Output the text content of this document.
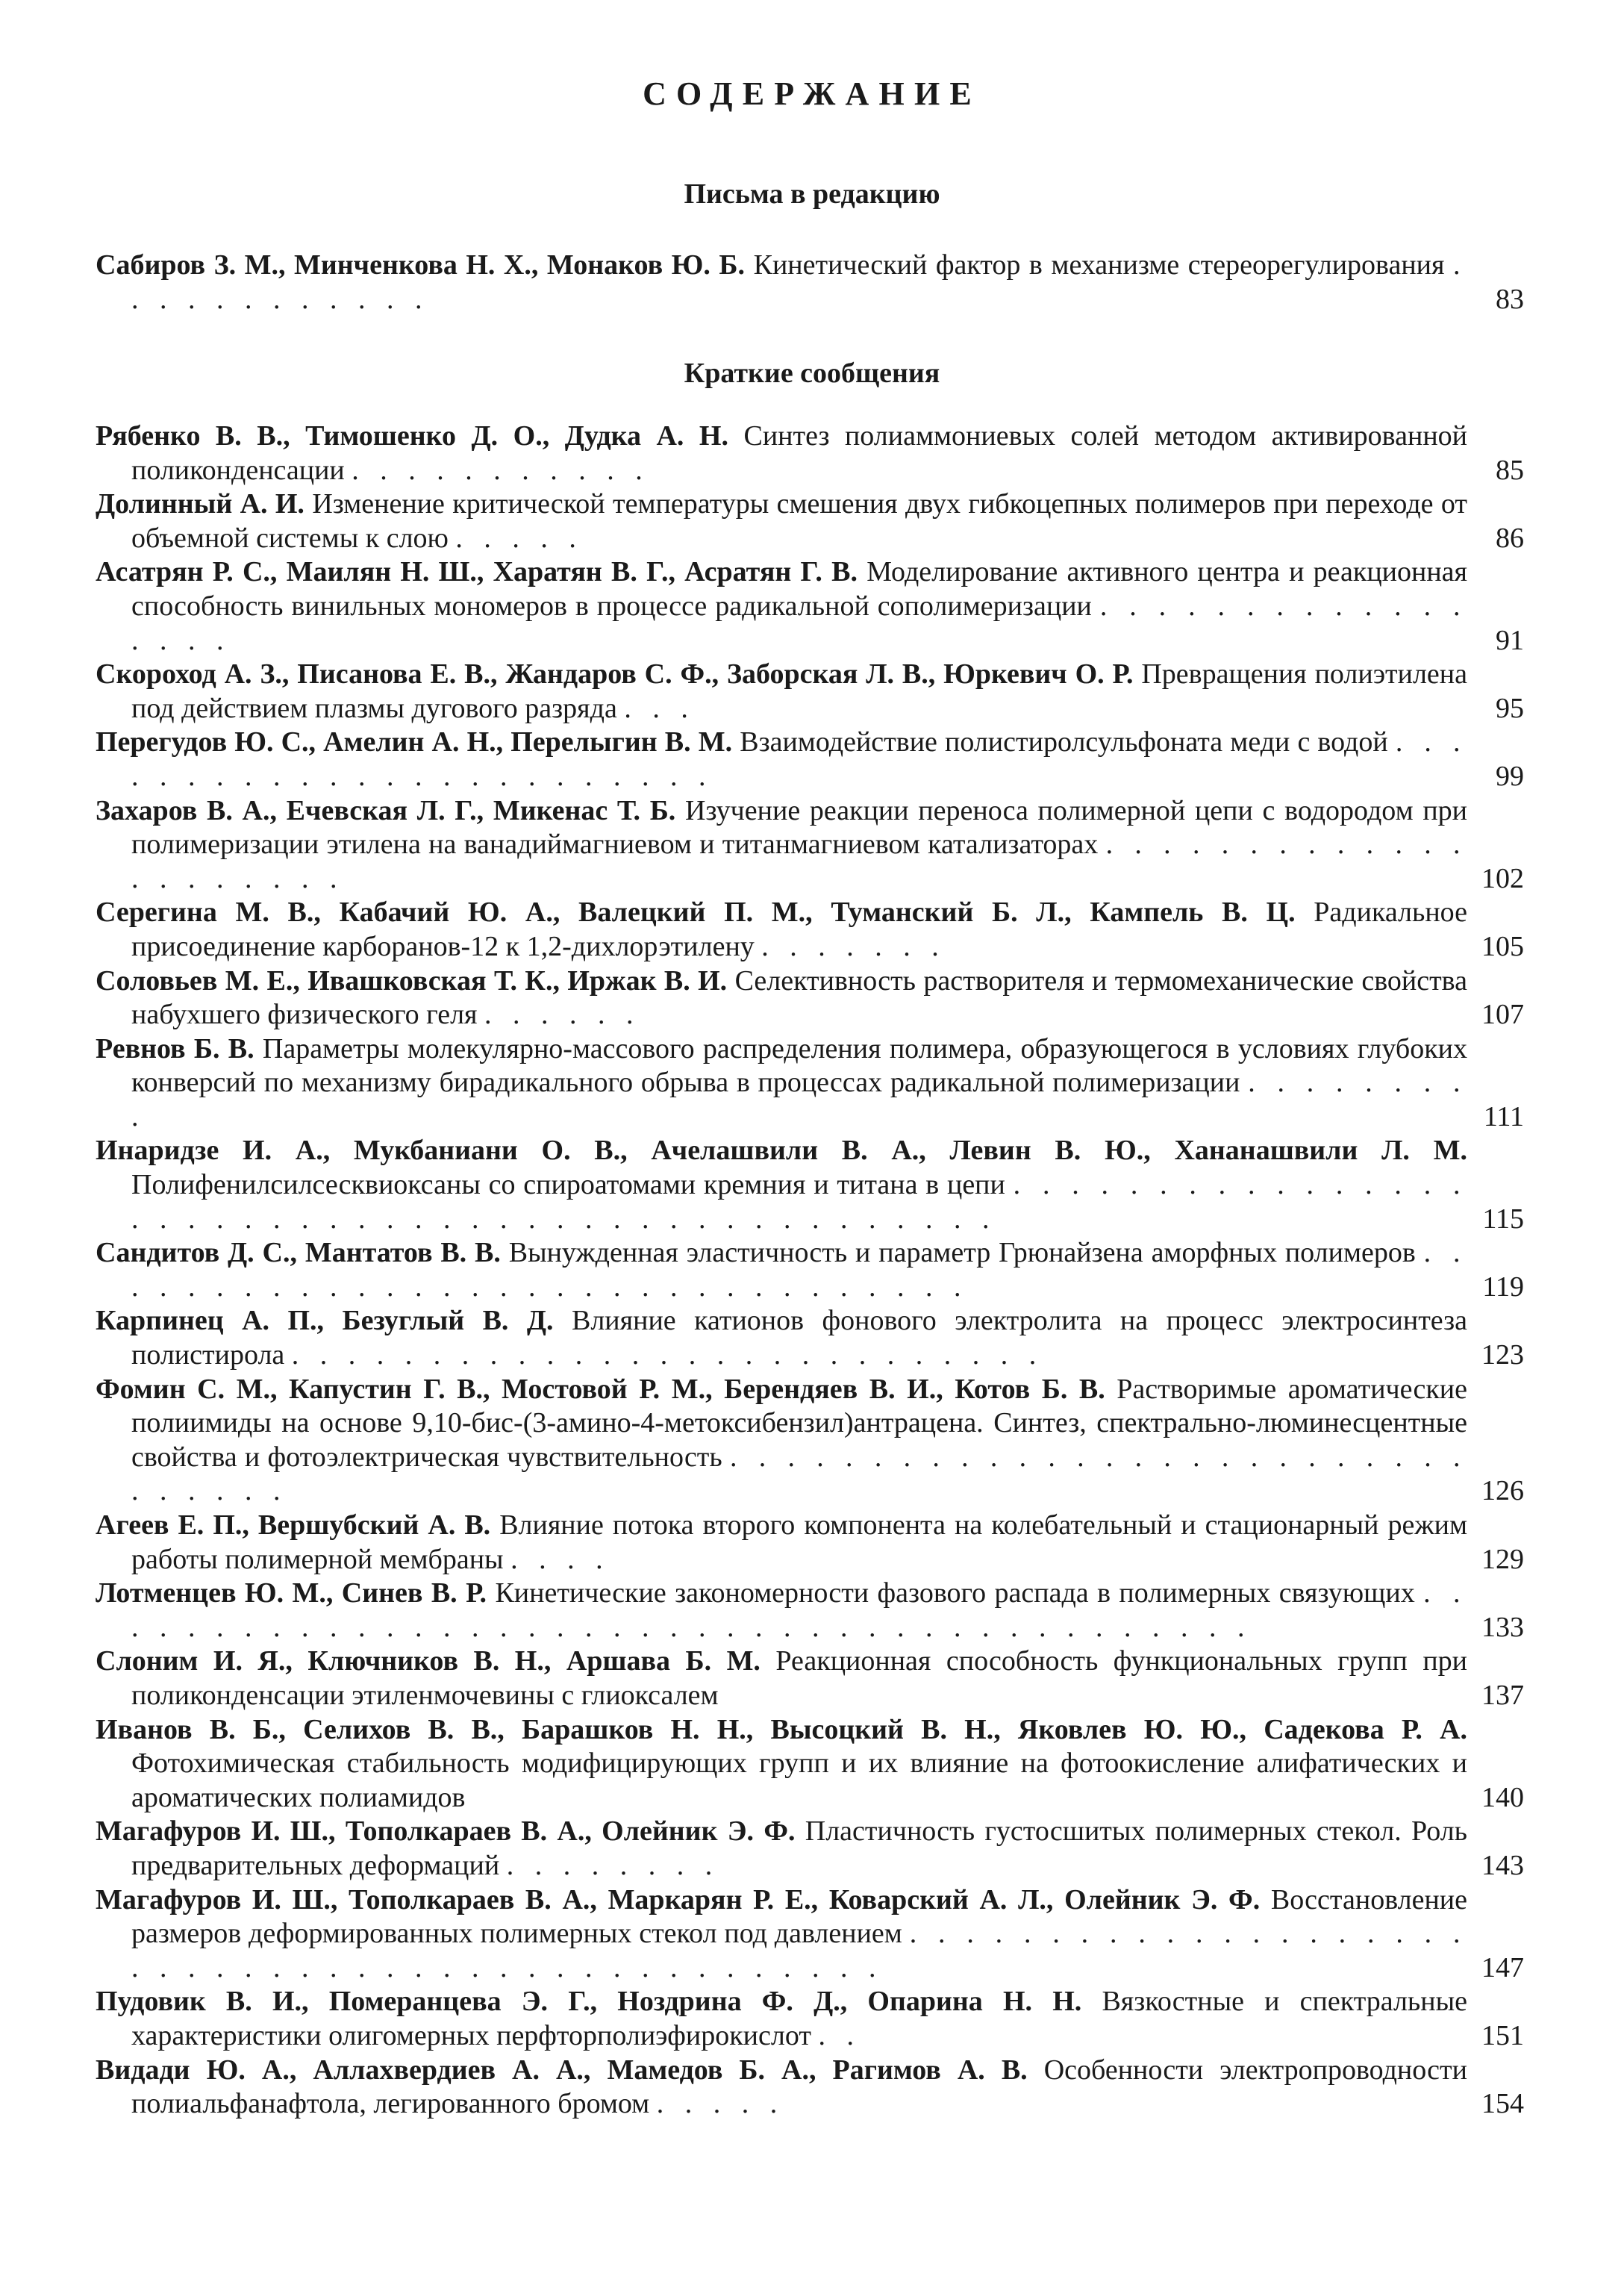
СОДЕРЖАНИЕ
Письма в редакцию
Сабиров З. М., Минченкова Н. Х., Монаков Ю. Б. Кинетический фактор в механизме стереорегулирования . . . . . . . . . . . .	83
Краткие сообщения
Рябенко В. В., Тимошенко Д. О., Дудка А. Н. Синтез полиаммониевых солей методом активированной поликонденсации . . . . . . . . . . .	85
Долинный А. И. Изменение критической температуры смешения двух гибкоцепных полимеров при переходе от объемной системы к слою . . . . .	86
Асатрян Р. С., Маилян Н. Ш., Харатян В. Г., Асратян Г. В. Моделирование активного центра и реакционная способность винильных мономеров в процессе радикальной сополимеризации . . . . . . . . . . . . . . . . .	91
Скороход А. З., Писанова Е. В., Жандаров С. Ф., Заборская Л. В., Юркевич О. Р. Превращения полиэтилена под действием плазмы дугового разряда . . .	95
Перегудов Ю. С., Амелин А. Н., Перелыгин В. М. Взаимодействие полистиролсульфоната меди с водой . . . . . . . . . . . . . . . . . . . . . . . .	99
Захаров В. А., Ечевская Л. Г., Микенас Т. Б. Изучение реакции переноса полимерной цепи с водородом при полимеризации этилена на ванадиймагниевом и титанмагниевом катализаторах . . . . . . . . . . . . . . . . . . . . .	102
Серегина М. В., Кабачий Ю. А., Валецкий П. М., Туманский Б. Л., Кампель В. Ц. Радикальное присоединение карборанов-12 к 1,2-дихлорэтилену . . . . . . .	105
Соловьев М. Е., Ивашковская Т. К., Иржак В. И. Селективность растворителя и термомеханические свойства набухшего физического геля . . . . . .	107
Ревнов Б. В. Параметры молекулярно-массового распределения полимера, образующегося в условиях глубоких конверсий по механизму бирадикального обрыва в процессах радикальной полимеризации . . . . . . . . .	111
Инаридзе И. А., Мукбаниани О. В., Ачелашвили В. А., Левин В. Ю., Хананашвили Л. М. Полифенилсилсесквиоксаны со спироатомами кремния и титана в цепи . . . . . . . . . . . . . . . . . . . . . . . . . . . . . . . . . . . . . . . . . . . . . . .	115
Сандитов Д. С., Мантатов В. В. Вынужденная эластичность и параметр Грюнайзена аморфных полимеров . . . . . . . . . . . . . . . . . . . . . . . . . . . . . . . .	119
Карпинец А. П., Безуглый В. Д. Влияние катионов фонового электролита на процесс электросинтеза полистирола . . . . . . . . . . . . . . . . . . . . . . . . . . .	123
Фомин С. М., Капустин Г. В., Мостовой Р. М., Берендяев В. И., Котов Б. В. Растворимые ароматические полиимиды на основе 9,10-бис-(3-амино-4-метоксибензил)антрацена. Синтез, спектрально-люминесцентные свойства и фотоэлектрическая чувствительность . . . . . . . . . . . . . . . . . . . . . . . . . . . . . . . .	126
Агеев Е. П., Вершубский А. В. Влияние потока второго компонента на колебательный и стационарный режим работы полимерной мембраны . . . .	129
Лотменцев Ю. М., Синев В. Р. Кинетические закономерности фазового распада в полимерных связующих . . . . . . . . . . . . . . . . . . . . . . . . . . . . . . . . . . . . . . . . . .	133
Слоним И. Я., Ключников В. Н., Аршава Б. М. Реакционная способность функциональных групп при поликонденсации этиленмочевины с глиоксалем	137
Иванов В. Б., Селихов В. В., Барашков Н. Н., Высоцкий В. Н., Яковлев Ю. Ю., Садекова Р. А. Фотохимическая стабильность модифицирующих групп и их влияние на фотоокисление алифатических и ароматических полиамидов	140
Магафуров И. Ш., Тополкараев В. А., Олейник Э. Ф. Пластичность густосшитых полимерных стекол. Роль предварительных деформаций . . . . . . . .	143
Магафуров И. Ш., Тополкараев В. А., Маркарян Р. Е., Коварский А. Л., Олейник Э. Ф. Восстановление размеров деформированных полимерных стекол под давлением . . . . . . . . . . . . . . . . . . . . . . . . . . . . . . . . . . . . . . . . . . . . . . .	147
Пудовик В. И., Померанцева Э. Г., Ноздрина Ф. Д., Опарина Н. Н. Вязкостные и спектральные характеристики олигомерных перфторполиэфирокислот . .	151
Видади Ю. А., Аллахвердиев А. А., Мамедов Б. А., Рагимов А. В. Особенности электропроводности полиальфанафтола, легированного бромом . . . . .	154
